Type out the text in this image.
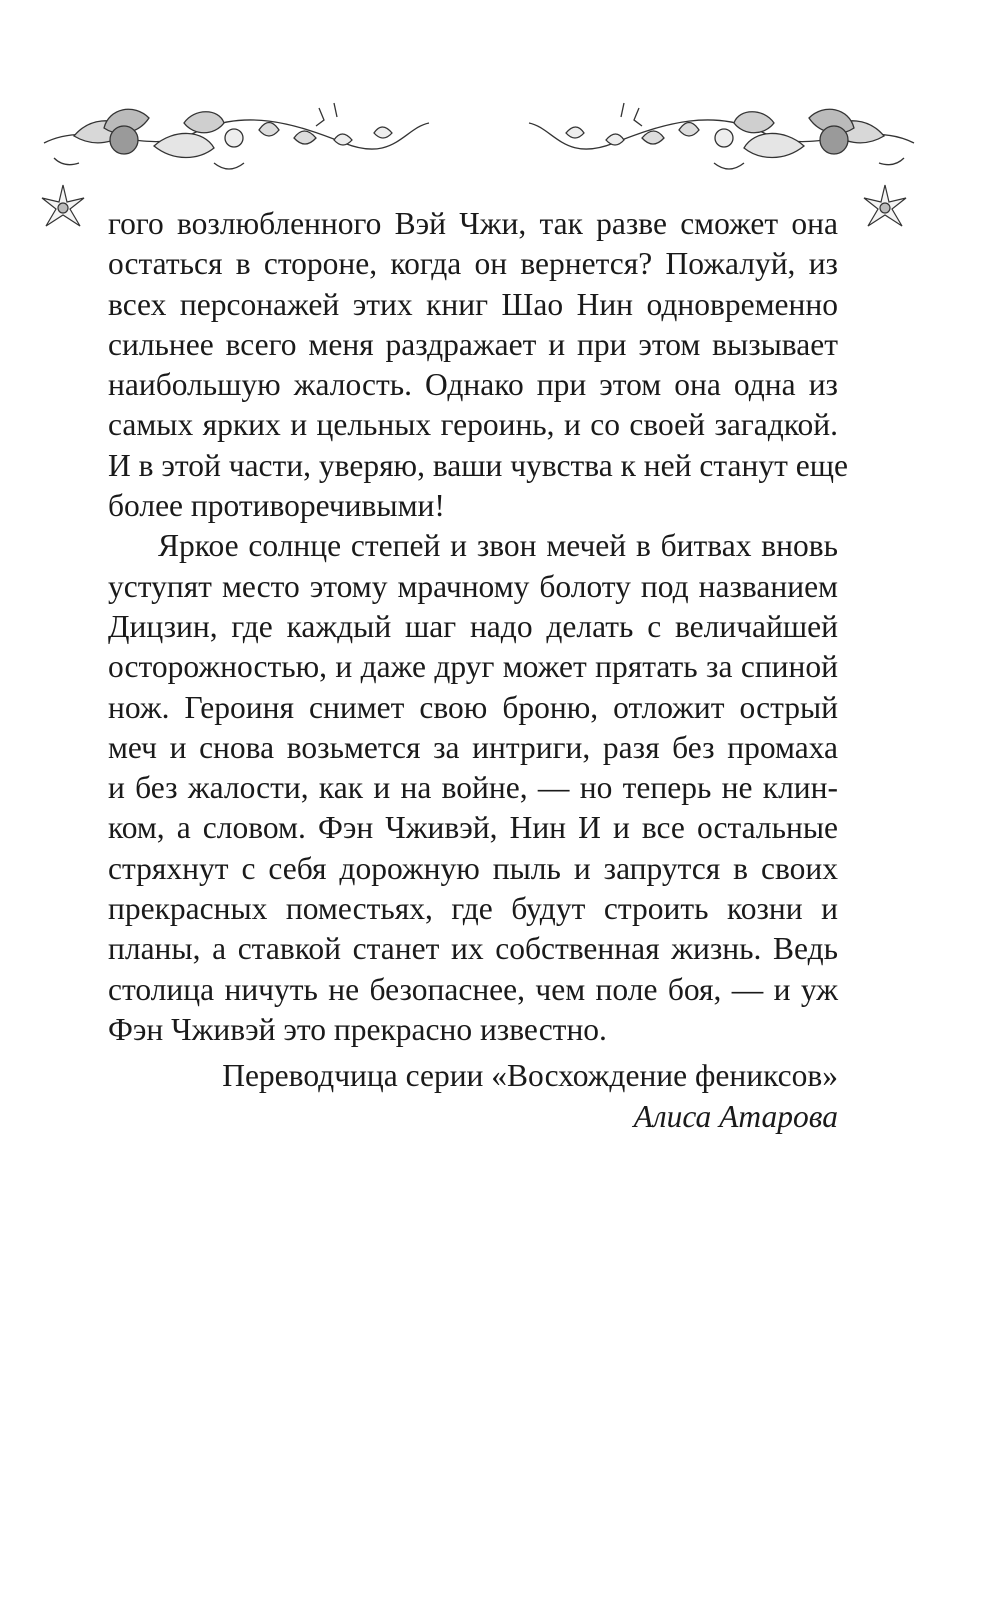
гого возлюбленного Вэй Чжи, так разве сможет она
остаться в стороне, когда он вернется? Пожалуй, из
всех персонажей этих книг Шао Нин одновременно
сильнее всего меня раздражает и при этом вызывает
наибольшую жалость. Однако при этом она одна из
самых ярких и цельных героинь, и со своей загадкой.
И в этой части, уверяю, ваши чувства к ней станут еще
более противоречивыми!

Яркое солнце степей и звон мечей в битвах вновь
уступят место этому мрачному болоту под названием
Дицзин, где каждый шаг надо делать с величайшей
осторожностью, и даже друг может прятать за спиной
нож. Героиня снимет свою броню, отложит острый
меч и снова возьмется за интриги, разя без промаха
и без жалости, как и на войне, — но теперь не клин-
ком, а словом. Фэн Чживэй, Нин И и все остальные
стряхнут с себя дорожную пыль и запрутся в своих
прекрасных поместьях, где будут строить козни и
планы, а ставкой станет их собственная жизнь. Ведь
столица ничуть не безопаснее, чем поле боя, — и уж
Фэн Чживэй это прекрасно известно.

Переводчица серии «Восхождение фениксов»
Алиса Атарова
